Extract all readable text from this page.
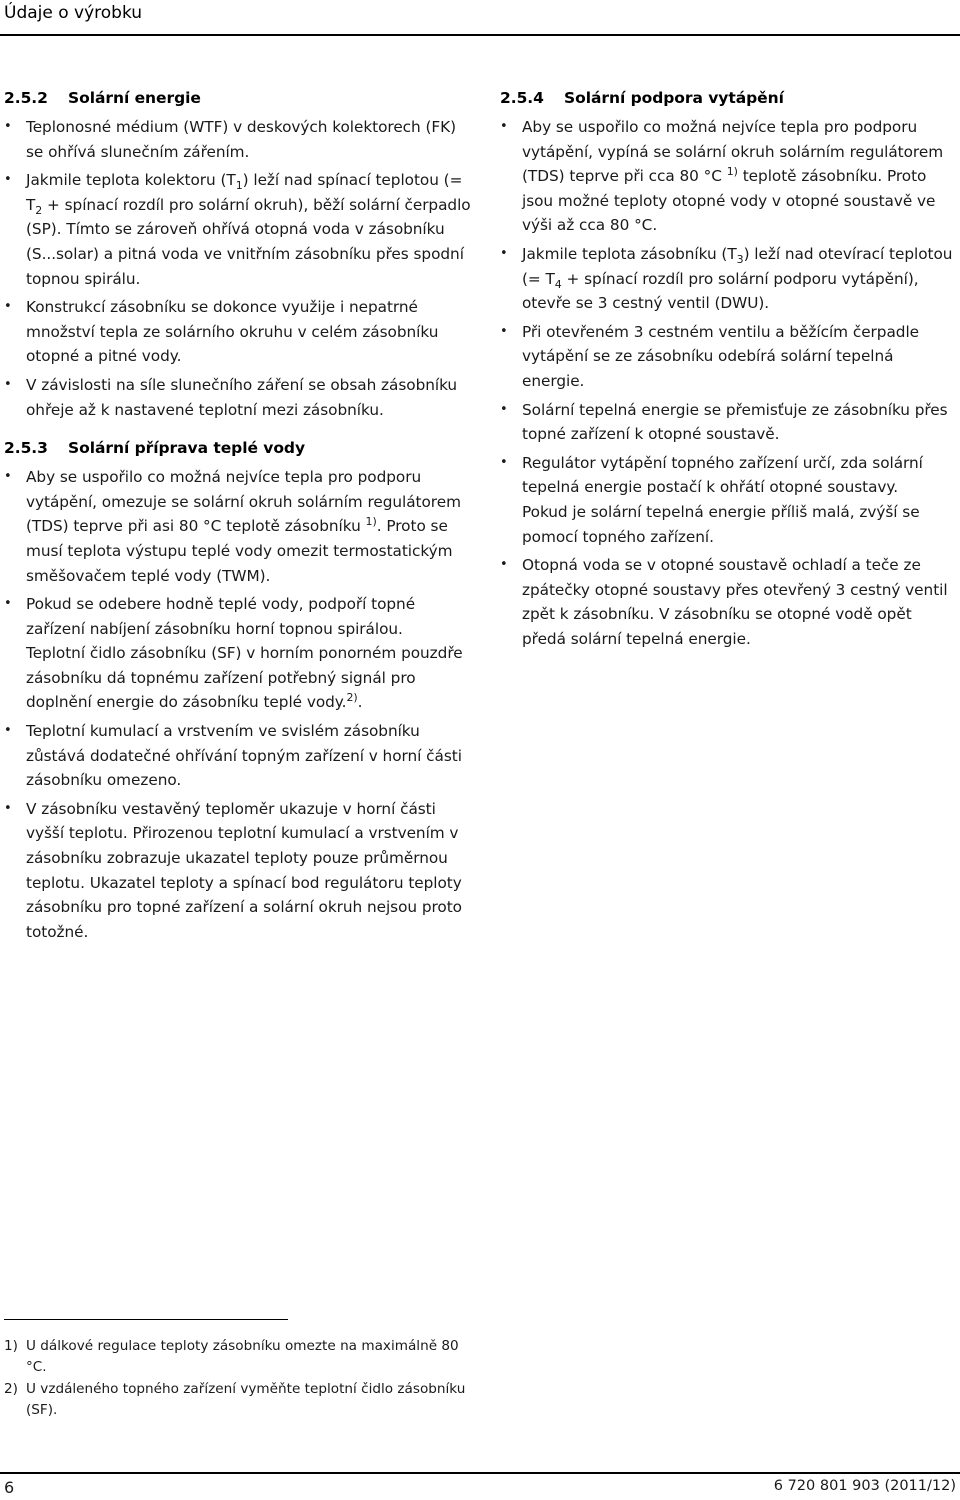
Údaje o výrobku
2.5.2 Solární energie

• Teplonosné médium (WTF) v deskových kolektorech (FK) se ohřívá slunečním zářením.

• Jakmile teplota kolektoru $(T_1)$ leží nad spínací teplotou (= $T_2$ + spínací rozdíl pro solární okruh), běží solární čerpadlo (SP). Tímto se zároveň ohřívá otopná voda v zásobníku (S...solar) a pitná voda ve vnitřním zásobníku přes spodní topnou spirálu.

• Konstrukcí zásobníku se dokonce využije i nepatrné množství tepla ze solárního okruhu v celém zásobníku otopné a pitné vody.

• V závislosti na síle slunečního záření se obsah zásobníku ohřeje až k nastavené teplotní mezi zásobníku.

2.5.3 Solární příprava teplé vody

• Aby se uspořilo co možná nejvíce tepla pro podporu vytápění, omezuje se solární okruh solárním regulátorem (TDS) teprve při asi 80 °C teplotě zásobníku $^{1)}$. Proto se musí teplota výstupu teplé vody omezit termostatickým směšovačem teplé vody (TWM).

• Pokud se odebere hodně teplé vody, podpoří topné zařízení nabíjení zásobníku horní topnou spirálou.

Teplotní čidlo zásobníku (SF) v horním ponorném pouzdře zásobníku dá topnému zařízení potřebný signál pro doplnění energie do zásobníku teplé vody.$^{2)}$.

• Teplotní kumulací a vrstvením ve svislém zásobníku zůstává dodatečné ohřívání topným zařízení v horní části zásobníku omezeno.

• V zásobníku vestavěný teploměr ukazuje v horní části vyšší teplotu. Přirozenou teplotní kumulací a vrstvením v zásobníku zobrazuje ukazatel teploty pouze průměrnou teplotu. Ukazatel teploty a spínací bod regulátoru teploty zásobníku pro topné zařízení a solární okruh nejsou proto totožné.

2.5.4 Solární podpora vytápění

• Aby se uspořilo co možná nejvíce tepla pro podporu vytápění, vypíná se solární okruh solárním regulátorem (TDS) teprve při cca 80 °C $^{1)}$ teplotě zásobníku. Proto jsou možné teploty otopné vody v otopné soustavě ve výši až cca 80 °C.

• Jakmile teplota zásobníku $(T_3)$ leží nad otevírací teplotou (= $T_4$ + spínací rozdíl pro solární podporu vytápění), otevře se 3 cestný ventil (DWU).

• Při otevřeném 3 cestném ventilu a běžícím čerpadle vytápění se ze zásobníku odebírá solární tepelná energie.

• Solární tepelná energie se přemisťuje ze zásobníku přes topné zařízení k otopné soustavě.

• Regulátor vytápění topného zařízení určí, zda solární tepelná energie postačí k ohřátí otopné soustavy.

Pokud je solární tepelná energie příliš malá, zvýší se pomocí topného zařízení.

• Otopná voda se v otopné soustavě ochladí a teče ze zpátečky otopné soustavy přes otevřený 3 cestný ventil zpět k zásobníku. V zásobníku se otopné vodě opět předá solární tepelná energie.

1) U dálkové regulace teploty zásobníku omezte na maximálně 80 °C.
2) U vzdáleného topného zařízení vyměňte teplotní čidlo zásobníku (SF).
6	6 720 801 903 (2011/12)
